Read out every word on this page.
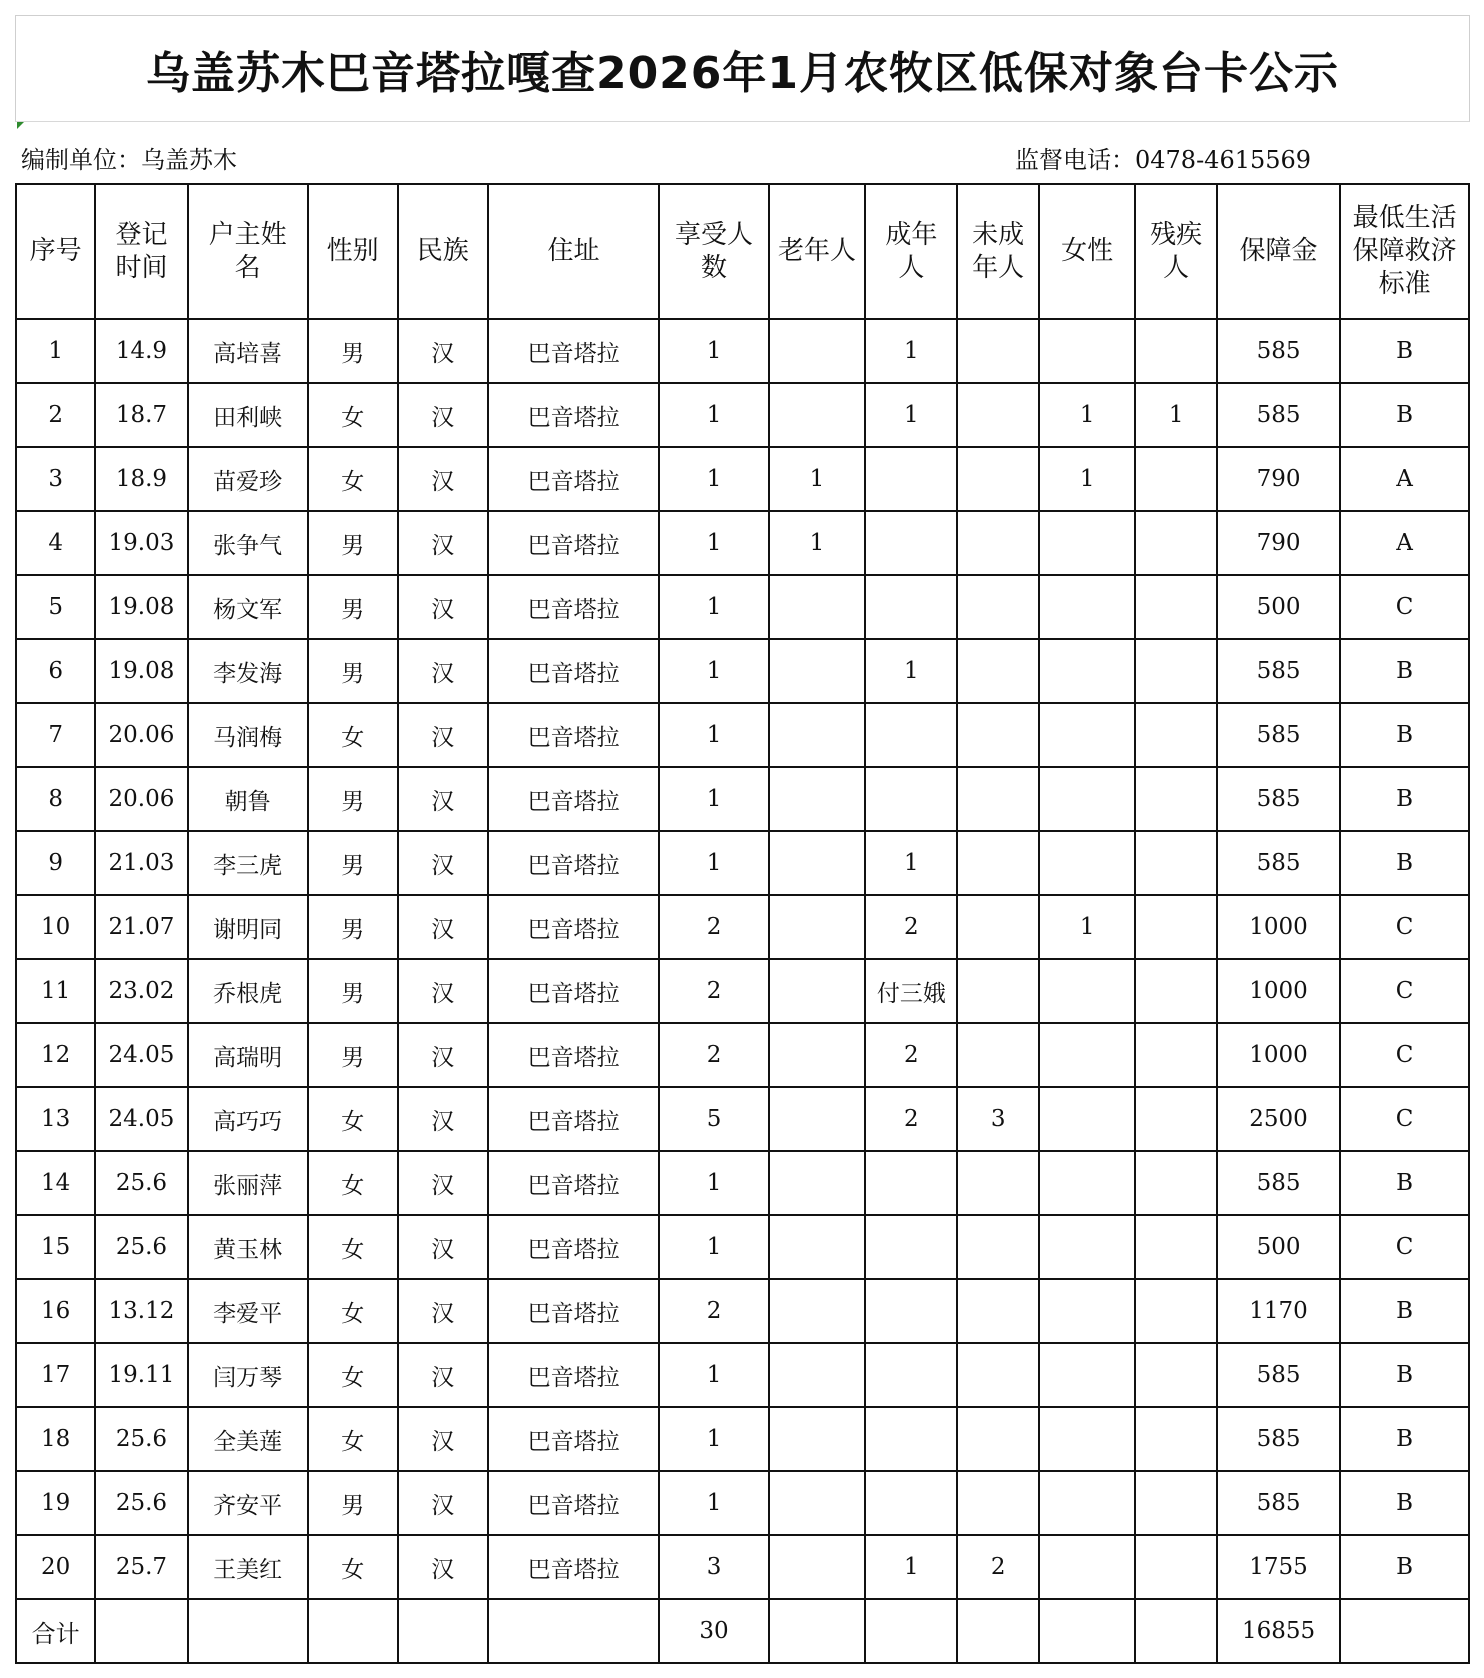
乌盖苏木巴音塔拉嘎查2026年1月农牧区低保对象台卡公示
编制单位：乌盖苏木	监督电话：0478-4615569
序号	登记时间	户主姓名	性别	民族	住址	享受人数	老年人	成年人	未成年人	女性	残疾人	保障金	最低生活保障救济标准
1	14.9	高培喜	男	汉	巴音塔拉	1		1				585	B
2	18.7	田利峡	女	汉	巴音塔拉	1		1		1	1	585	B
3	18.9	苗爱珍	女	汉	巴音塔拉	1	1			1		790	A
4	19.03	张争气	男	汉	巴音塔拉	1	1					790	A
5	19.08	杨文军	男	汉	巴音塔拉	1						500	C
6	19.08	李发海	男	汉	巴音塔拉	1		1				585	B
7	20.06	马润梅	女	汉	巴音塔拉	1						585	B
8	20.06	朝鲁	男	汉	巴音塔拉	1						585	B
9	21.03	李三虎	男	汉	巴音塔拉	1		1				585	B
10	21.07	谢明同	男	汉	巴音塔拉	2		2		1		1000	C
11	23.02	乔根虎	男	汉	巴音塔拉	2		付三娥				1000	C
12	24.05	高瑞明	男	汉	巴音塔拉	2		2				1000	C
13	24.05	高巧巧	女	汉	巴音塔拉	5		2	3			2500	C
14	25.6	张丽萍	女	汉	巴音塔拉	1						585	B
15	25.6	黄玉林	女	汉	巴音塔拉	1						500	C
16	13.12	李爱平	女	汉	巴音塔拉	2						1170	B
17	19.11	闫万琴	女	汉	巴音塔拉	1						585	B
18	25.6	全美莲	女	汉	巴音塔拉	1						585	B
19	25.6	齐安平	男	汉	巴音塔拉	1						585	B
20	25.7	王美红	女	汉	巴音塔拉	3		1	2			1755	B
合计						30						16855	
